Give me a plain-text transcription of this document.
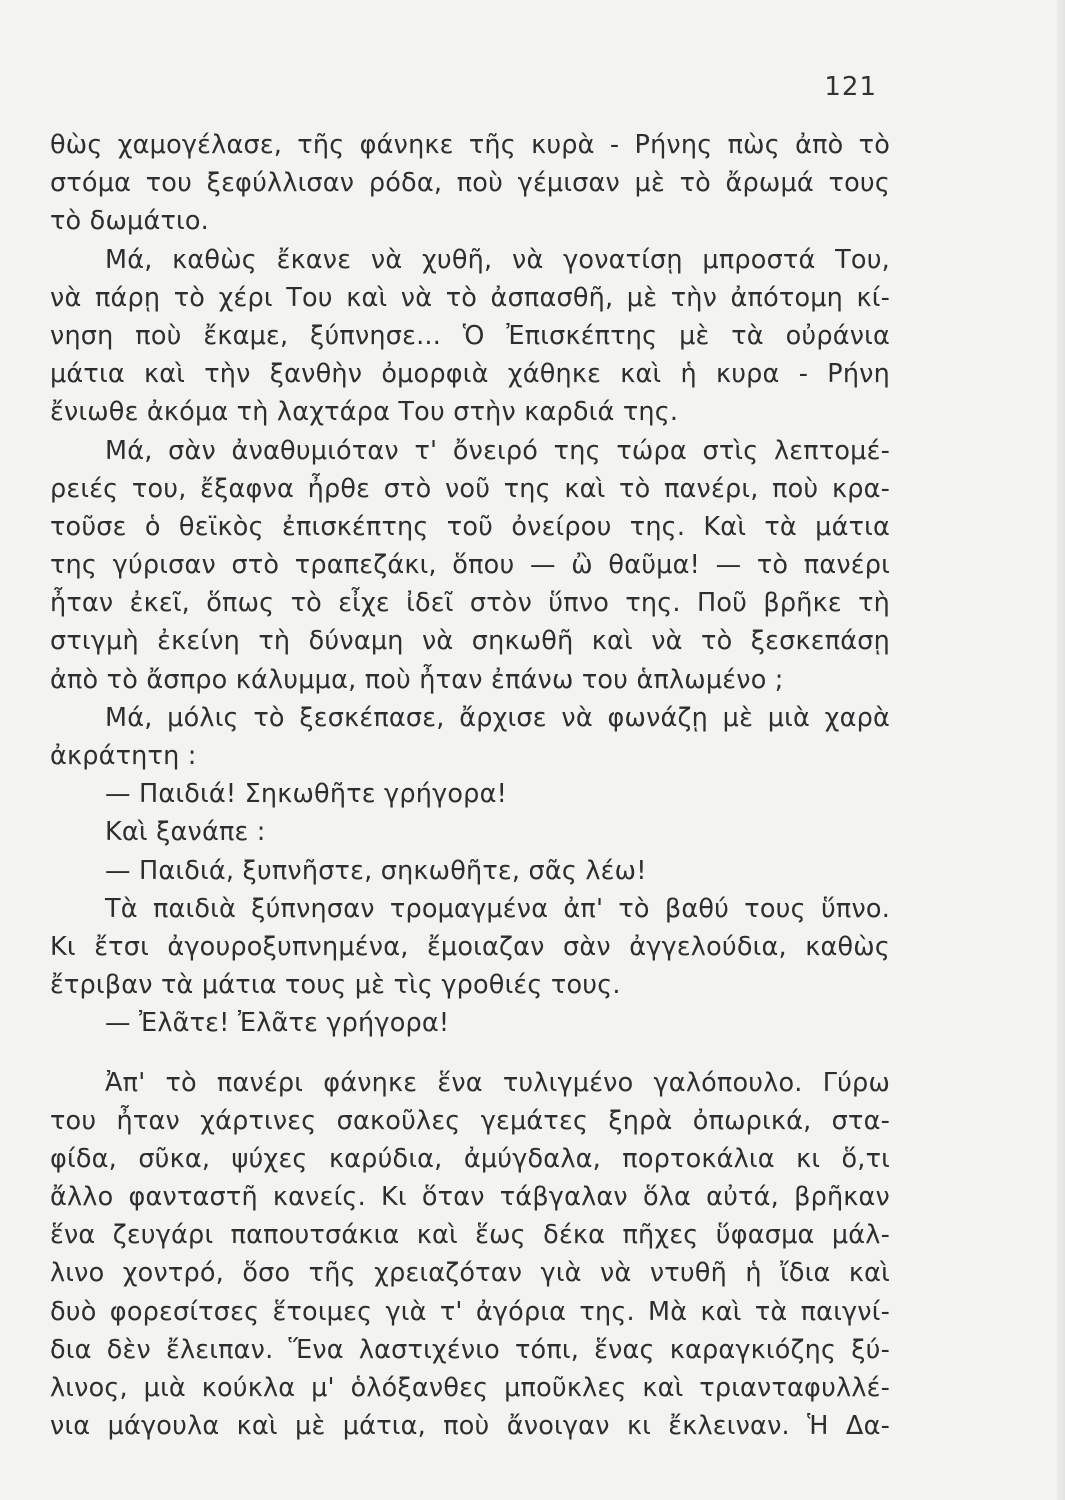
121
θὼς χαμογέλασε, τῆς φάνηκε τῆς κυρὰ - Ρήνης πὼς ἀπὸ τὸ
στόμα του ξεφύλλισαν ρόδα, ποὺ γέμισαν μὲ τὸ ἄρωμά τους
τὸ δωμάτιο.
Μά, καθὼς ἔκανε νὰ χυθῆ, νὰ γονατίσῃ μπροστά Του,
νὰ πάρῃ τὸ χέρι Του καὶ νὰ τὸ ἀσπασθῆ, μὲ τὴν ἀπότομη κί-
νηση ποὺ ἔκαμε, ξύπνησε... Ὁ Ἐπισκέπτης μὲ τὰ οὐράνια
μάτια καὶ τὴν ξανθὴν ὀμορφιὰ χάθηκε καὶ ἡ κυρα - Ρήνη
ἔνιωθε ἀκόμα τὴ λαχτάρα Του στὴν καρδιά της.
Μά, σὰν ἀναθυμιόταν τ' ὄνειρό της τώρα στὶς λεπτομέ-
ρειές του, ἔξαφνα ἦρθε στὸ νοῦ της καὶ τὸ πανέρι, ποὺ κρα-
τοῦσε ὁ θεϊκὸς ἐπισκέπτης τοῦ ὀνείρου της. Καὶ τὰ μάτια
της γύρισαν στὸ τραπεζάκι, ὅπου — ὢ θαῦμα! — τὸ πανέρι
ἦταν ἐκεῖ, ὅπως τὸ εἶχε ἰδεῖ στὸν ὕπνο της. Ποῦ βρῆκε τὴ
στιγμὴ ἐκείνη τὴ δύναμη νὰ σηκωθῆ καὶ νὰ τὸ ξεσκεπάσῃ
ἀπὸ τὸ ἄσπρο κάλυμμα, ποὺ ἦταν ἐπάνω του ἁπλωμένο ;
Μά, μόλις τὸ ξεσκέπασε, ἄρχισε νὰ φωνάζῃ μὲ μιὰ χαρὰ
ἀκράτητη :
— Παιδιά! Σηκωθῆτε γρήγορα!
Καὶ ξανάπε :
— Παιδιά, ξυπνῆστε, σηκωθῆτε, σᾶς λέω!
Τὰ παιδιὰ ξύπνησαν τρομαγμένα ἀπ' τὸ βαθύ τους ὕπνο.
Κι ἔτσι ἀγουροξυπνημένα, ἔμοιαζαν σὰν ἀγγελούδια, καθὼς
ἔτριβαν τὰ μάτια τους μὲ τὶς γροθιές τους.
— Ἐλᾶτε! Ἐλᾶτε γρήγορα!
Ἀπ' τὸ πανέρι φάνηκε ἕνα τυλιγμένο γαλόπουλο. Γύρω
του ἦταν χάρτινες σακοῦλες γεμάτες ξηρὰ ὀπωρικά, στα-
φίδα, σῦκα, ψύχες καρύδια, ἀμύγδαλα, πορτοκάλια κι ὅ,τι
ἄλλο φανταστῆ κανείς. Κι ὅταν τάβγαλαν ὅλα αὐτά, βρῆκαν
ἕνα ζευγάρι παπουτσάκια καὶ ἕως δέκα πῆχες ὕφασμα μάλ-
λινο χοντρό, ὅσο τῆς χρειαζόταν γιὰ νὰ ντυθῆ ἡ ἴδια καὶ
δυὸ φορεσίτσες ἕτοιμες γιὰ τ' ἀγόρια της. Μὰ καὶ τὰ παιγνί-
δια δὲν ἔλειπαν. Ἕνα λαστιχένιο τόπι, ἕνας καραγκιόζης ξύ-
λινος, μιὰ κούκλα μ' ὁλόξανθες μποῦκλες καὶ τριανταφυλλέ-
νια μάγουλα καὶ μὲ μάτια, ποὺ ἄνοιγαν κι ἔκλειναν. Ἡ Δα-
